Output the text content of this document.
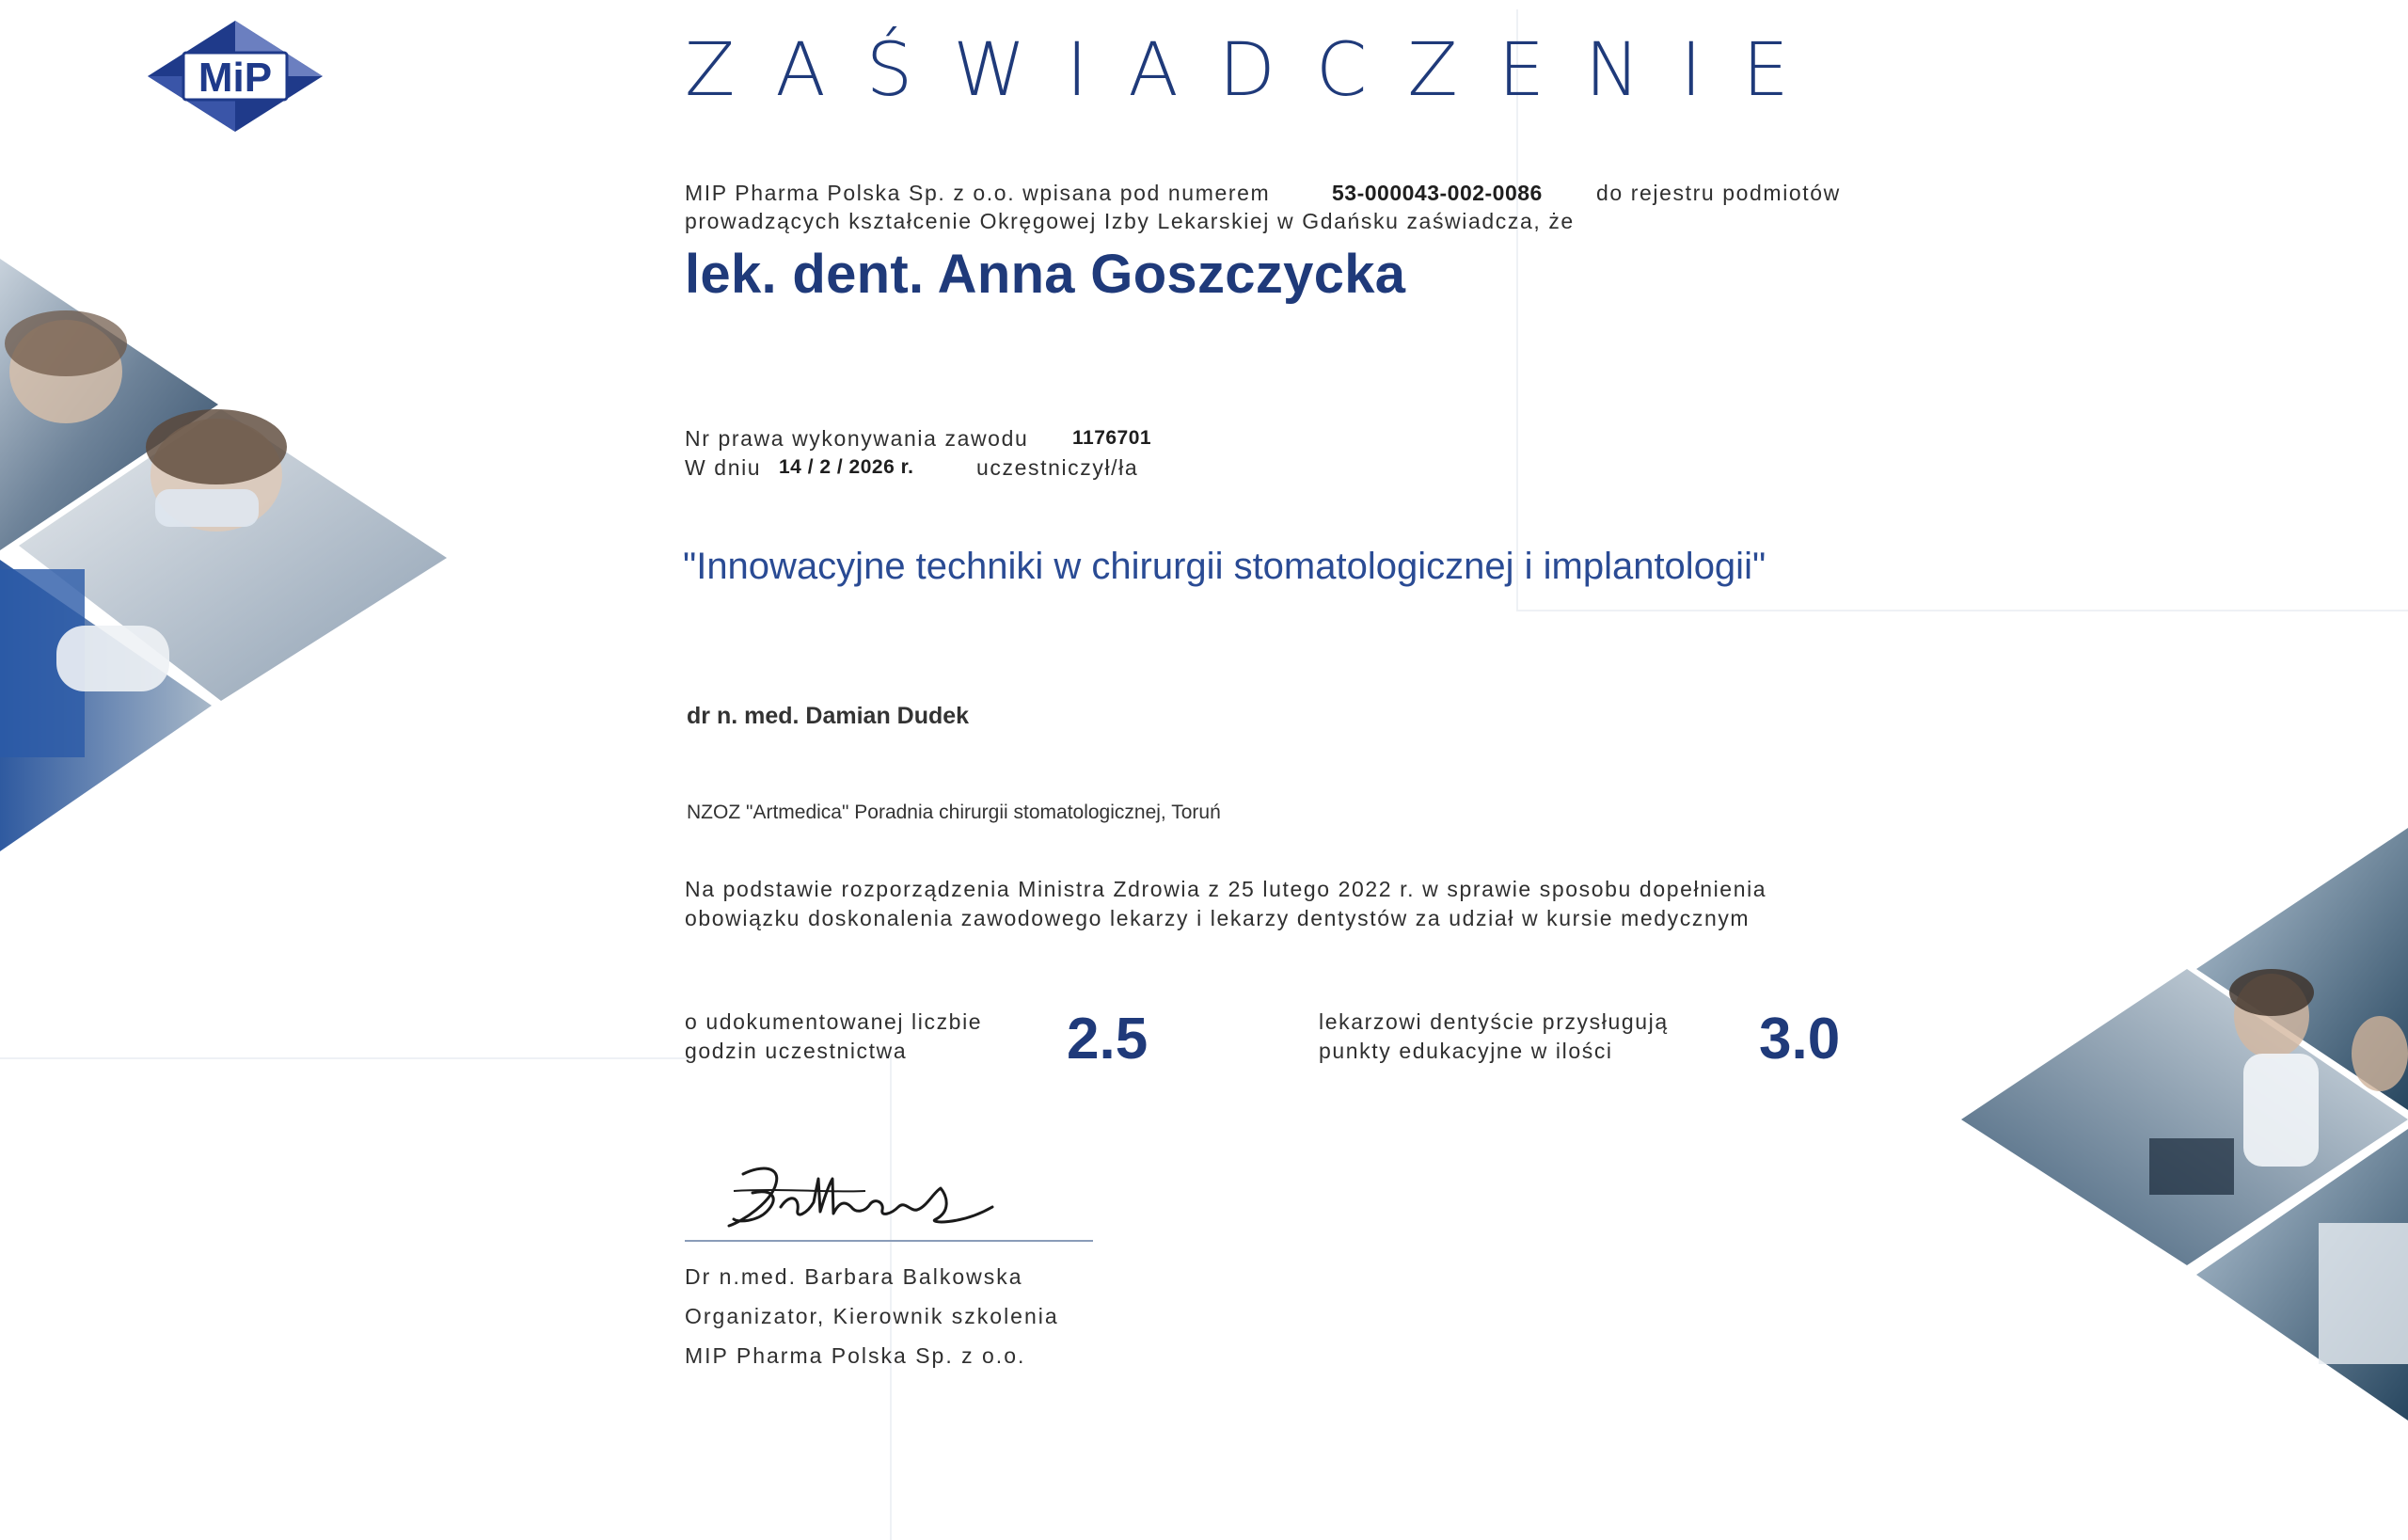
MiP	ZAŚWIADCZENIE
MIP Pharma Polska Sp. z o.o. wpisana pod numerem	53-000043-002-0086 do rejestru podmiotów
prowadzących kształcenie Okręgowej Izby Lekarskiej w Gdańsku zaświadcza, że
lek. dent. Anna Goszczycka
Nr prawa wykonywania zawodu 1176701
W dniu 14 / 2 / 2026 r.	uczestniczył/ła
"Innowacyjne techniki w chirurgii stomatologicznej i implantologii"
dr n. med. Damian Dudek
NZOZ "Artmedica" Poradnia chirurgii stomatologicznej, Toruń
Na podstawie rozporządzenia Ministra Zdrowia z 25 lutego 2022 r. w sprawie sposobu dopełnienia
obowiązku doskonalenia zawodowego lekarzy i lekarzy dentystów za udział w kursie medycznym
o udokumentowanej liczbie
godzin uczestnictwa	2.5	lekarzowi dentyście przysługują
punkty edukacyjne w ilości	3.0
Dr n.med. Barbara Balkowska
Organizator, Kierownik szkolenia
MIP Pharma Polska Sp. z o.o.
